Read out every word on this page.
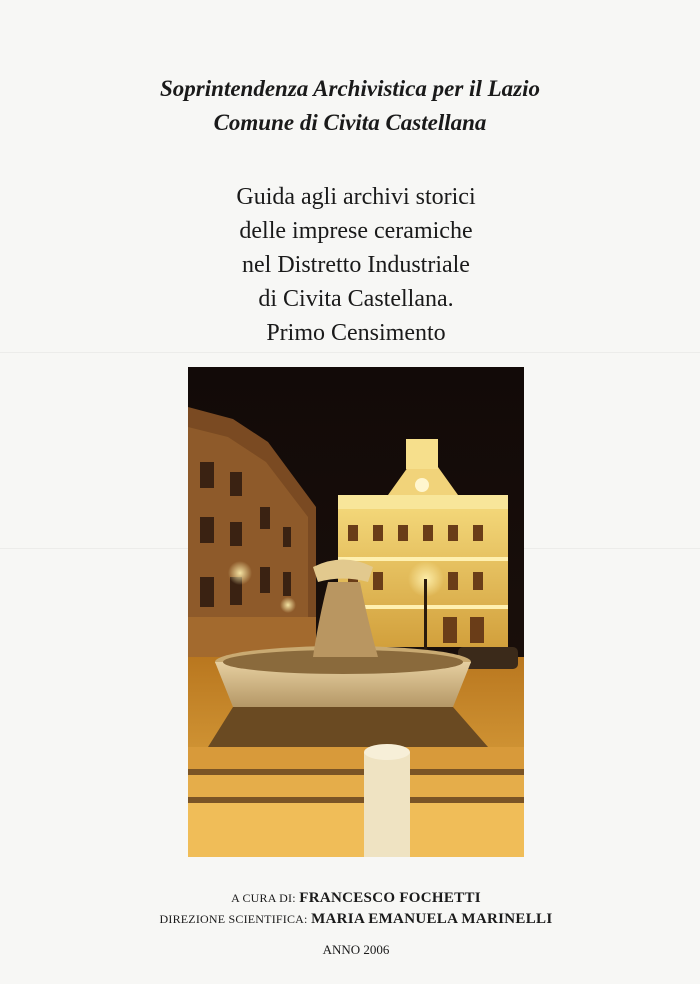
Soprintendenza Archivistica per il Lazio
Comune di Civita Castellana
Guida agli archivi storici
delle imprese ceramiche
nel Distretto Industriale
di Civita Castellana.
Primo Censimento
A CURA DI: FRANCESCO FOCHETTI
DIREZIONE SCIENTIFICA: MARIA EMANUELA MARINELLI
ANNO 2006
